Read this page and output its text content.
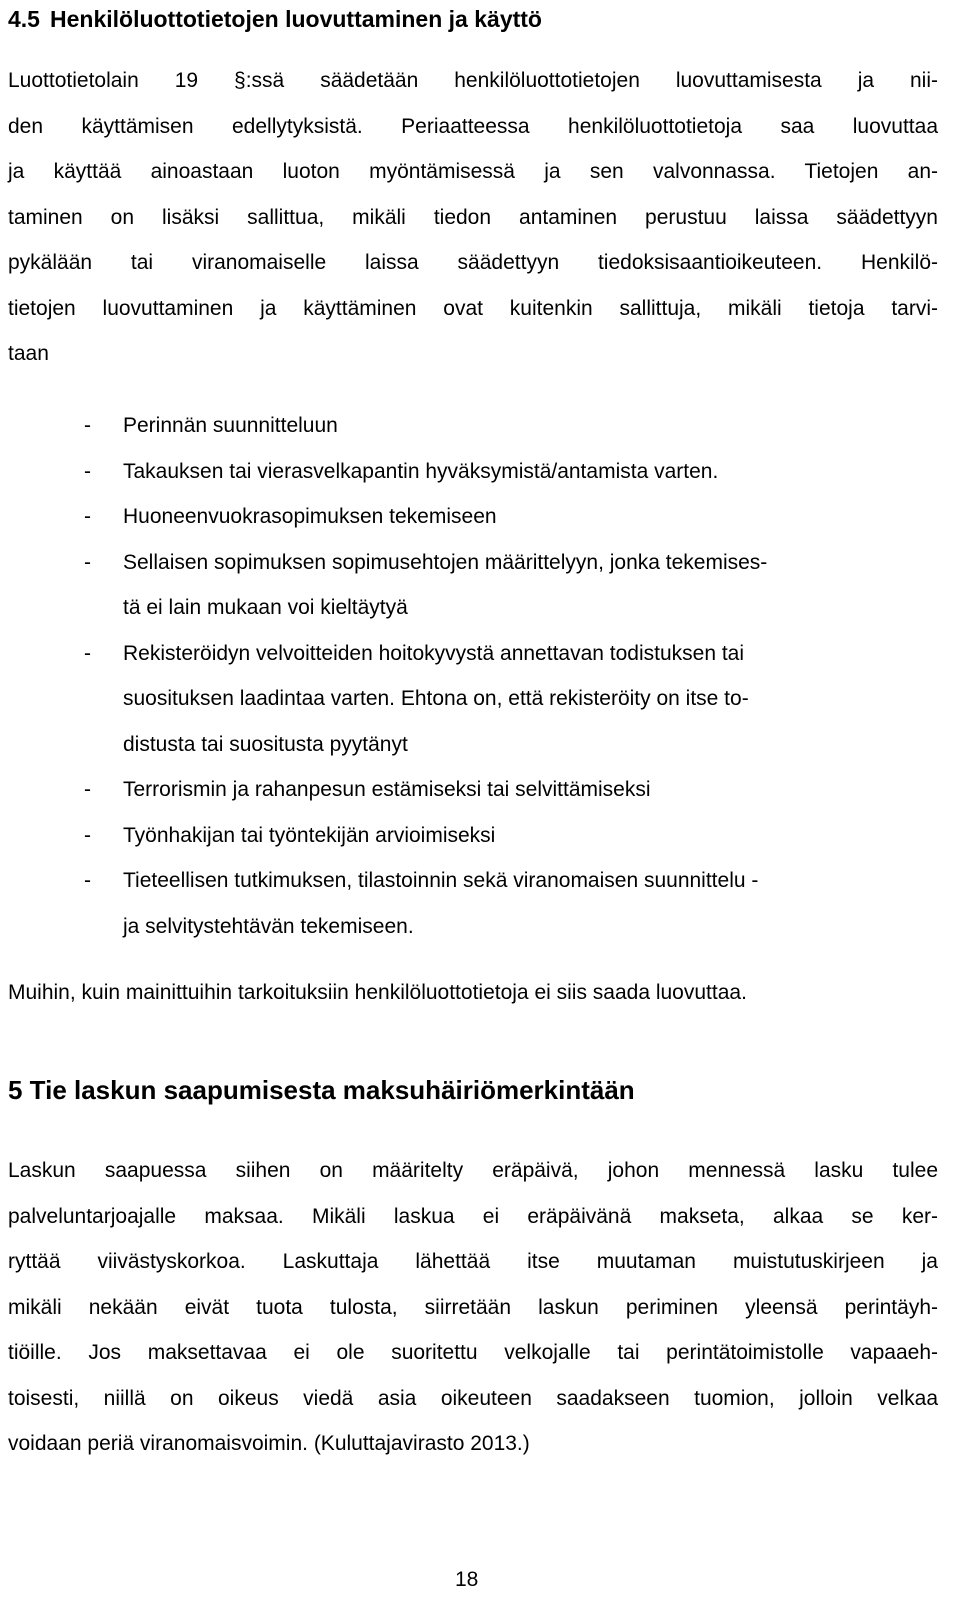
4.5 Henkilöluottotietojen luovuttaminen ja käyttö
Luottotietolain 19 §:ssä säädetään henkilöluottotietojen luovuttamisesta ja nii-
den käyttämisen edellytyksistä. Periaatteessa henkilöluottotietoja saa luovuttaa
ja käyttää ainoastaan luoton myöntämisessä ja sen valvonnassa. Tietojen an-
taminen on lisäksi sallittua, mikäli tiedon antaminen perustuu laissa säädettyyn
pykälään tai viranomaiselle laissa säädettyyn tiedoksisaantioikeuteen. Henkilö-
tietojen luovuttaminen ja käyttäminen ovat kuitenkin sallittuja, mikäli tietoja tarvi-
taan
- Perinnän suunnitteluun
- Takauksen tai vierasvelkapantin hyväksymistä/antamista varten.
- Huoneenvuokrasopimuksen tekemiseen
- Sellaisen sopimuksen sopimusehtojen määrittelyyn, jonka tekemises-
tä ei lain mukaan voi kieltäytyä
- Rekisteröidyn velvoitteiden hoitokyvystä annettavan todistuksen tai
suosituksen laadintaa varten. Ehtona on, että rekisteröity on itse to-
distusta tai suositusta pyytänyt
- Terrorismin ja rahanpesun estämiseksi tai selvittämiseksi
- Työnhakijan tai työntekijän arvioimiseksi
- Tieteellisen tutkimuksen, tilastoinnin sekä viranomaisen suunnittelu -
ja selvitystehtävän tekemiseen.
Muihin, kuin mainittuihin tarkoituksiin henkilöluottotietoja ei siis saada luovuttaa.
5 Tie laskun saapumisesta maksuhäiriömerkintään
Laskun saapuessa siihen on määritelty eräpäivä, johon mennessä lasku tulee
palveluntarjoajalle maksaa. Mikäli laskua ei eräpäivänä makseta, alkaa se ker-
ryttää viivästyskorkoa. Laskuttaja lähettää itse muutaman muistutuskirjeen ja
mikäli nekään eivät tuota tulosta, siirretään laskun periminen yleensä perintäyh-
tiöille. Jos maksettavaa ei ole suoritettu velkojalle tai perintätoimistolle vapaaeh-
toisesti, niillä on oikeus viedä asia oikeuteen saadakseen tuomion, jolloin velkaa
voidaan periä viranomaisvoimin. (Kuluttajavirasto 2013.)
18
